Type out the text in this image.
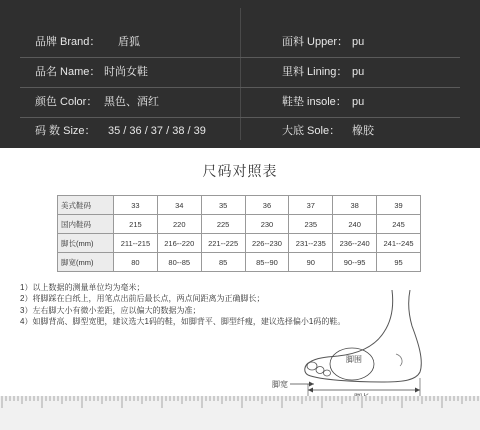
品牌 Brand： 盾狐	面料 Upper： pu
品名 Name： 时尚女鞋	里料 Lining： pu
颜色 Color： 黑色、酒红	鞋垫 insole： pu
码 数 Size： 35 / 36 / 37 / 38 / 39	大底 Sole： 橡胶
尺码对照表
美式鞋码	33	34	35	36	37	38	39
国内鞋码	215	220	225	230	235	240	245
脚长(mm)	211--215	216--220	221--225	226--230	231--235	236--240	241--245
脚宽(mm)	80	80--85	85	85--90	90	90--95	95
1）以上数据的测量单位均为毫米；
2）将脚踩在白纸上，用笔点出前后最长点，两点间距离为正确脚长；
3）左右脚大小有微小差距，应以偏大的数据为准；
4）如脚背高、脚型宽肥，建议选大1码的鞋，如脚背平、脚型纤瘦，建议选择偏小1码的鞋。
脚围
脚宽
